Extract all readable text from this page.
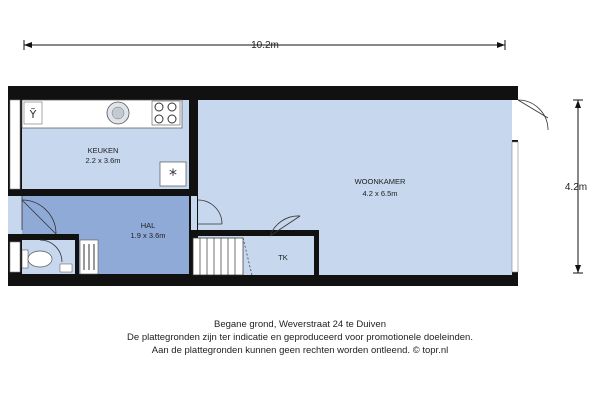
10.2m
4.2m
Ỹ
*
KEUKEN
2.2 x 3.6m
WOONKAMER
4.2 x 6.5m
HAL
1.9 x 3.6m
TK
Begane grond, Weverstraat 24 te Duiven
De plattegronden zijn ter indicatie en geproduceerd voor promotionele doeleinden.
Aan de plattegronden kunnen geen rechten worden ontleend. © topr.nl
